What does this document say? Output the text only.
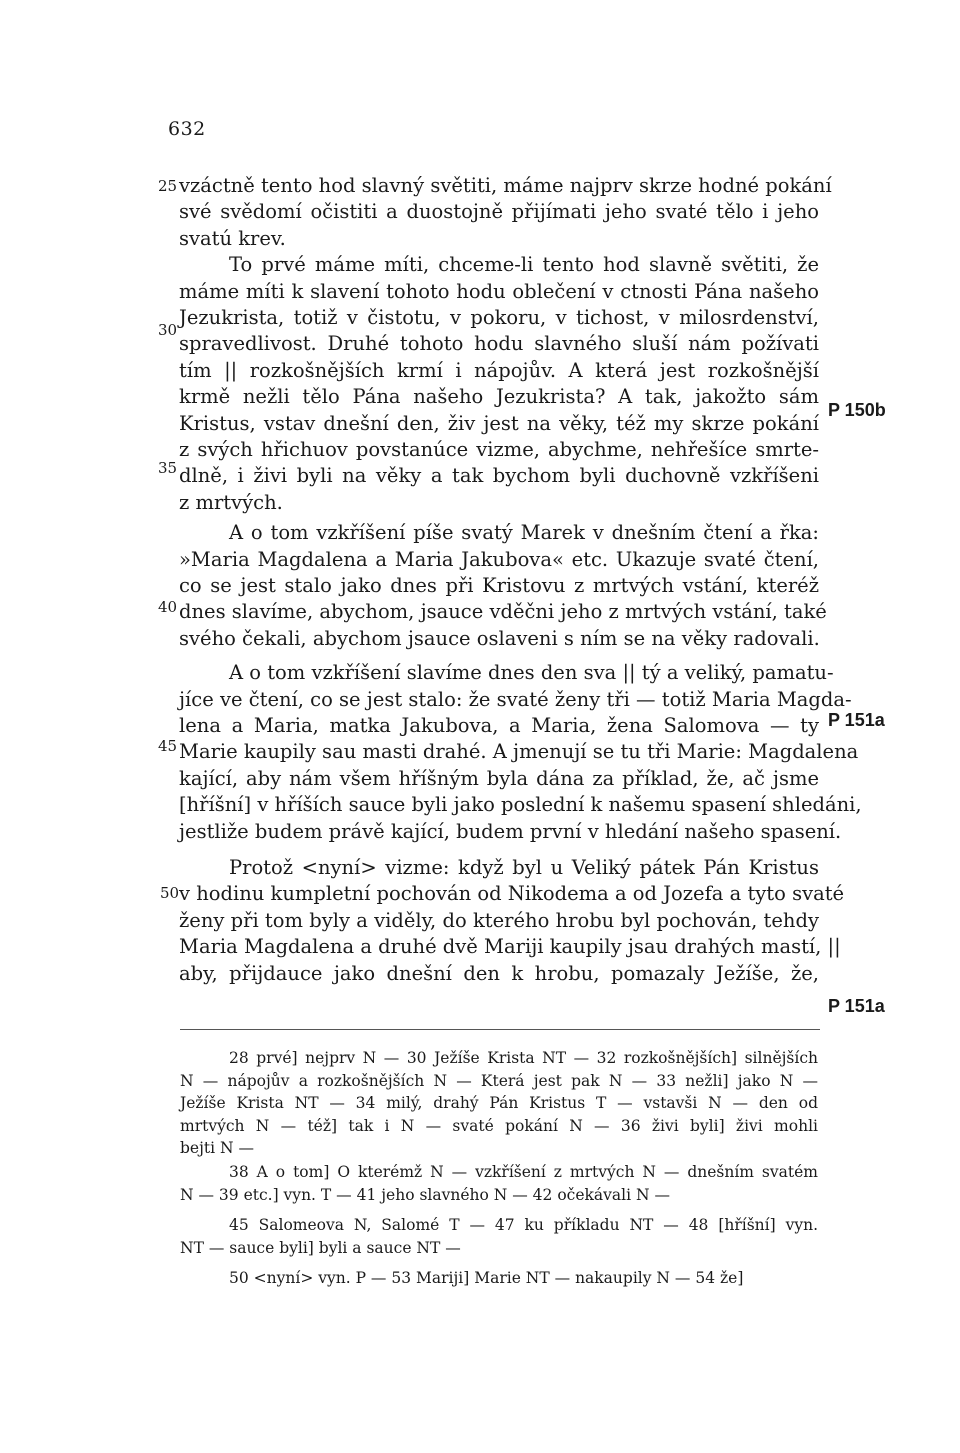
632
25
30
35
40
45
50
P 150b
P 151a
P 151a
vzáctně tento hod slavný světiti, máme najprv skrze hodné pokání
své svědomí očistiti a duostojně přijímati jeho svaté tělo i jeho
svatú krev.
To prvé máme míti, chceme-li tento hod slavně světiti, že
máme míti k slavení tohoto hodu oblečení v ctnosti Pána našeho
Jezukrista, totiž v čistotu, v pokoru, v tichost, v milosrdenství,
spravedlivost. Druhé tohoto hodu slavného sluší nám požívati
tím || rozkošnějších krmí i nápojův. A která jest rozkošnější
krmě nežli tělo Pána našeho Jezukrista? A tak, jakožto sám
Kristus, vstav dnešní den, živ jest na věky, též my skrze pokání
z svých hřichuov povstanúce vizme, abychme, nehřešíce smrte-
dlně, i živi byli na věky a tak bychom byli duchovně vzkříšeni
z mrtvých.
A o tom vzkříšení píše svatý Marek v dnešním čtení a řka:
»Maria Magdalena a Maria Jakubova« etc. Ukazuje svaté čtení,
co se jest stalo jako dnes při Kristovu z mrtvých vstání, kteréž
dnes slavíme, abychom, jsauce vděčni jeho z mrtvých vstání, také
svého čekali, abychom jsauce oslaveni s ním se na věky radovali.
A o tom vzkříšení slavíme dnes den sva || tý a veliký, pamatu-
jíce ve čtení, co se jest stalo: že svaté ženy tři — totiž Maria Magda-
lena a Maria, matka Jakubova, a Maria, žena Salomova — ty
Marie kaupily sau masti drahé. A jmenují se tu tři Marie: Magdalena
kající, aby nám všem hříšným byla dána za příklad, že, ač jsme
[hříšní] v hříších sauce byli jako poslední k našemu spasení shledáni,
jestliže budem právě kající, budem první v hledání našeho spasení.
Protož <nyní> vizme: když byl u Veliký pátek Pán Kristus
v hodinu kumpletní pochován od Nikodema a od Jozefa a tyto svaté
ženy při tom byly a viděly, do kterého hrobu byl pochován, tehdy
Maria Magdalena a druhé dvě Mariji kaupily jsau drahých mastí, ||
aby, přijdauce jako dnešní den k hrobu, pomazaly Ježíše, že,
28 prvé] nejprv N — 30 Ježíše Krista NT — 32 rozkošnějších] silnějších
N — nápojův a rozkošnějších N — Která jest pak N — 33 nežli] jako N —
Ježíše Krista NT — 34 milý, drahý Pán Kristus T — vstavši N — den od
mrtvých N — též] tak i N — svaté pokání N — 36 živi byli] živi mohli
bejti N —
38 A o tom] O kterémž N — vzkříšení z mrtvých N — dnešním svatém
N — 39 etc.] vyn. T — 41 jeho slavného N — 42 očekávali N —
45 Salomeova N, Salomé T — 47 ku příkladu NT — 48 [hříšní] vyn.
NT — sauce byli] byli a sauce NT —
50 <nyní> vyn. P — 53 Mariji] Marie NT — nakaupily N — 54 že]
